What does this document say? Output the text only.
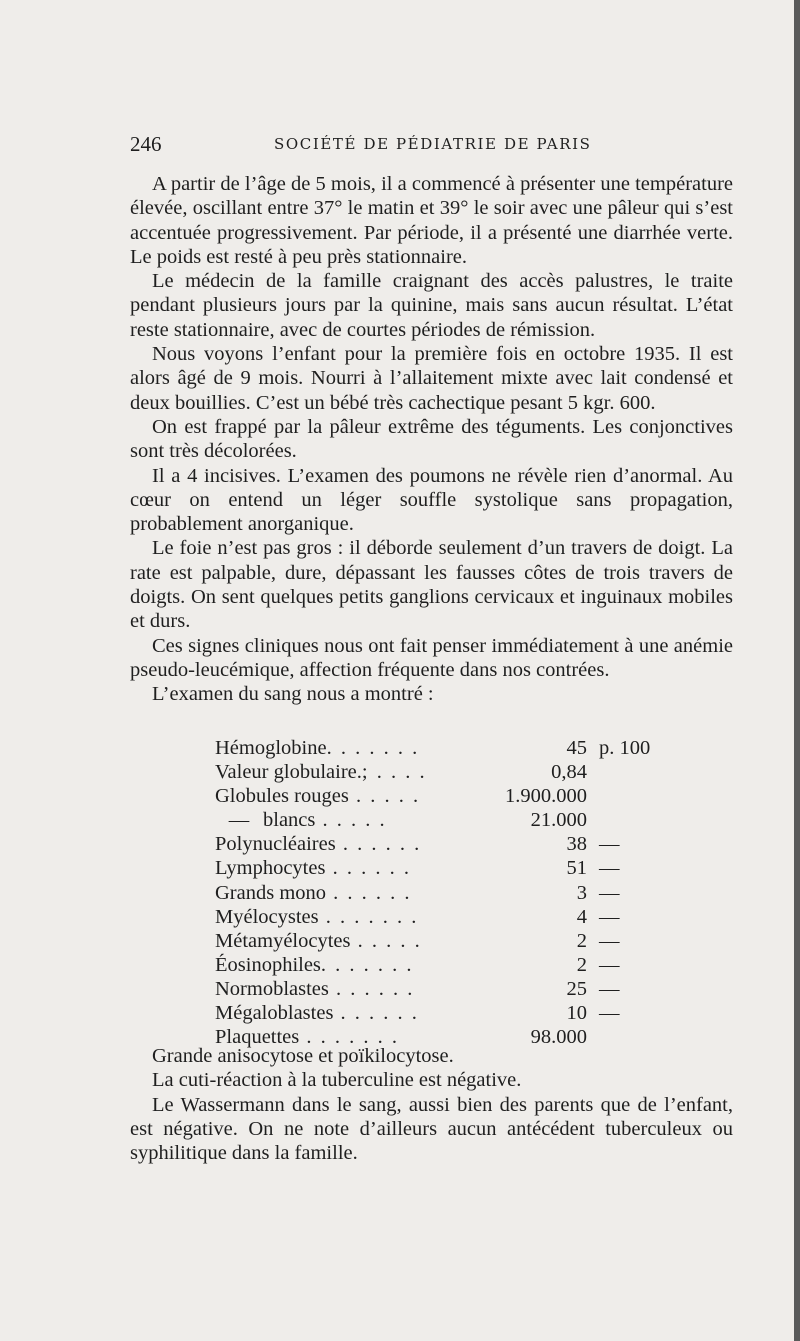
246	SOCIÉTÉ DE PÉDIATRIE DE PARIS

A partir de l’âge de 5 mois, il a commencé à présenter une température élevée, oscillant entre 37° le matin et 39° le soir avec une pâleur qui s’est accentuée progressivement. Par période, il a présenté une diarrhée verte. Le poids est resté à peu près stationnaire.

Le médecin de la famille craignant des accès palustres, le traite pendant plusieurs jours par la quinine, mais sans aucun résultat. L’état reste stationnaire, avec de courtes périodes de rémission.

Nous voyons l’enfant pour la première fois en octobre 1935. Il est alors âgé de 9 mois. Nourri à l’allaitement mixte avec lait condensé et deux bouillies. C’est un bébé très cachectique pesant 5 kgr. 600.

On est frappé par la pâleur extrême des téguments. Les conjonctives sont très décolorées.

Il a 4 incisives. L’examen des poumons ne révèle rien d’anormal. Au cœur on entend un léger souffle systolique sans propagation, probablement anorganique.

Le foie n’est pas gros : il déborde seulement d’un travers de doigt. La rate est palpable, dure, dépassant les fausses côtes de trois travers de doigts. On sent quelques petits ganglions cervicaux et inguinaux mobiles et durs.

Ces signes cliniques nous ont fait penser immédiatement à une anémie pseudo-leucémique, affection fréquente dans nos contrées.

L’examen du sang nous a montré :

Hémoglobine. . . . . . .	45	p. 100
Valeur globulaire.; . . . .	0,84	
Globules rouges . . . . .	1.900.000	
— blancs . . . . .	21.000	
Polynucléaires . . . . . .	38	—
Lymphocytes . . . . . .	51	—
Grands mono . . . . . .	3	—
Myélocystes . . . . . . .	4	—
Métamyélocytes . . . . .	2	—
Éosinophiles. . . . . . .	2	—
Normoblastes . . . . . .	25	—
Mégaloblastes . . . . . .	10	—
Plaquettes . . . . . . .	98.000	

Grande anisocytose et poïkilocytose.

La cuti-réaction à la tuberculine est négative.

Le Wassermann dans le sang, aussi bien des parents que de l’enfant, est négative. On ne note d’ailleurs aucun antécédent tuberculeux ou syphilitique dans la famille.
